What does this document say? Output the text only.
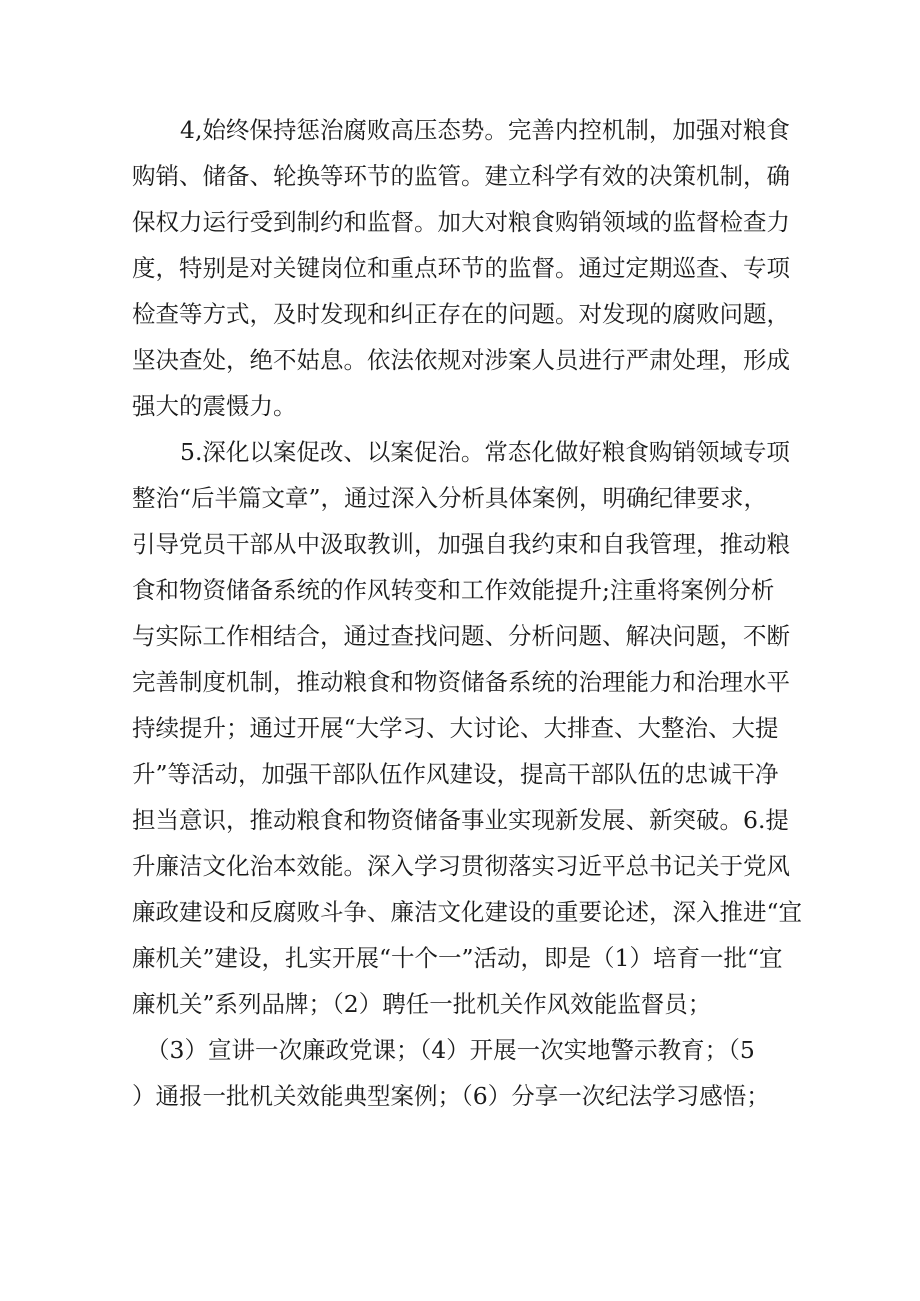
4,始终保持惩治腐败高压态势。完善内控机制，加强对粮食
购销、储备、轮换等环节的监管。建立科学有效的决策机制，确
保权力运行受到制约和监督。加大对粮食购销领域的监督检查力
度，特别是对关键岗位和重点环节的监督。通过定期巡查、专项
检查等方式，及时发现和纠正存在的问题。对发现的腐败问题，
坚决查处，绝不姑息。依法依规对涉案人员进行严肃处理，形成
强大的震慑力。
5.深化以案促改、以案促治。常态化做好粮食购销领域专项
整治“后半篇文章”，通过深入分析具体案例，明确纪律要求，
引导党员干部从中汲取教训，加强自我约束和自我管理，推动粮
食和物资储备系统的作风转变和工作效能提升;注重将案例分析
与实际工作相结合，通过查找问题、分析问题、解决问题，不断
完善制度机制，推动粮食和物资储备系统的治理能力和治理水平
持续提升；通过开展“大学习、大讨论、大排查、大整治、大提
升”等活动，加强干部队伍作风建设，提高干部队伍的忠诚干净
担当意识，推动粮食和物资储备事业实现新发展、新突破。6.提
升廉洁文化治本效能。深入学习贯彻落实习近平总书记关于党风
廉政建设和反腐败斗争、廉洁文化建设的重要论述，深入推进“宜
廉机关”建设，扎实开展“十个一”活动，即是（1）培育一批“宜
廉机关”系列品牌；（2）聘任一批机关作风效能监督员；
（3）宣讲一次廉政党课；（4）开展一次实地警示教育；（5
）通报一批机关效能典型案例；（6）分享一次纪法学习感悟；
